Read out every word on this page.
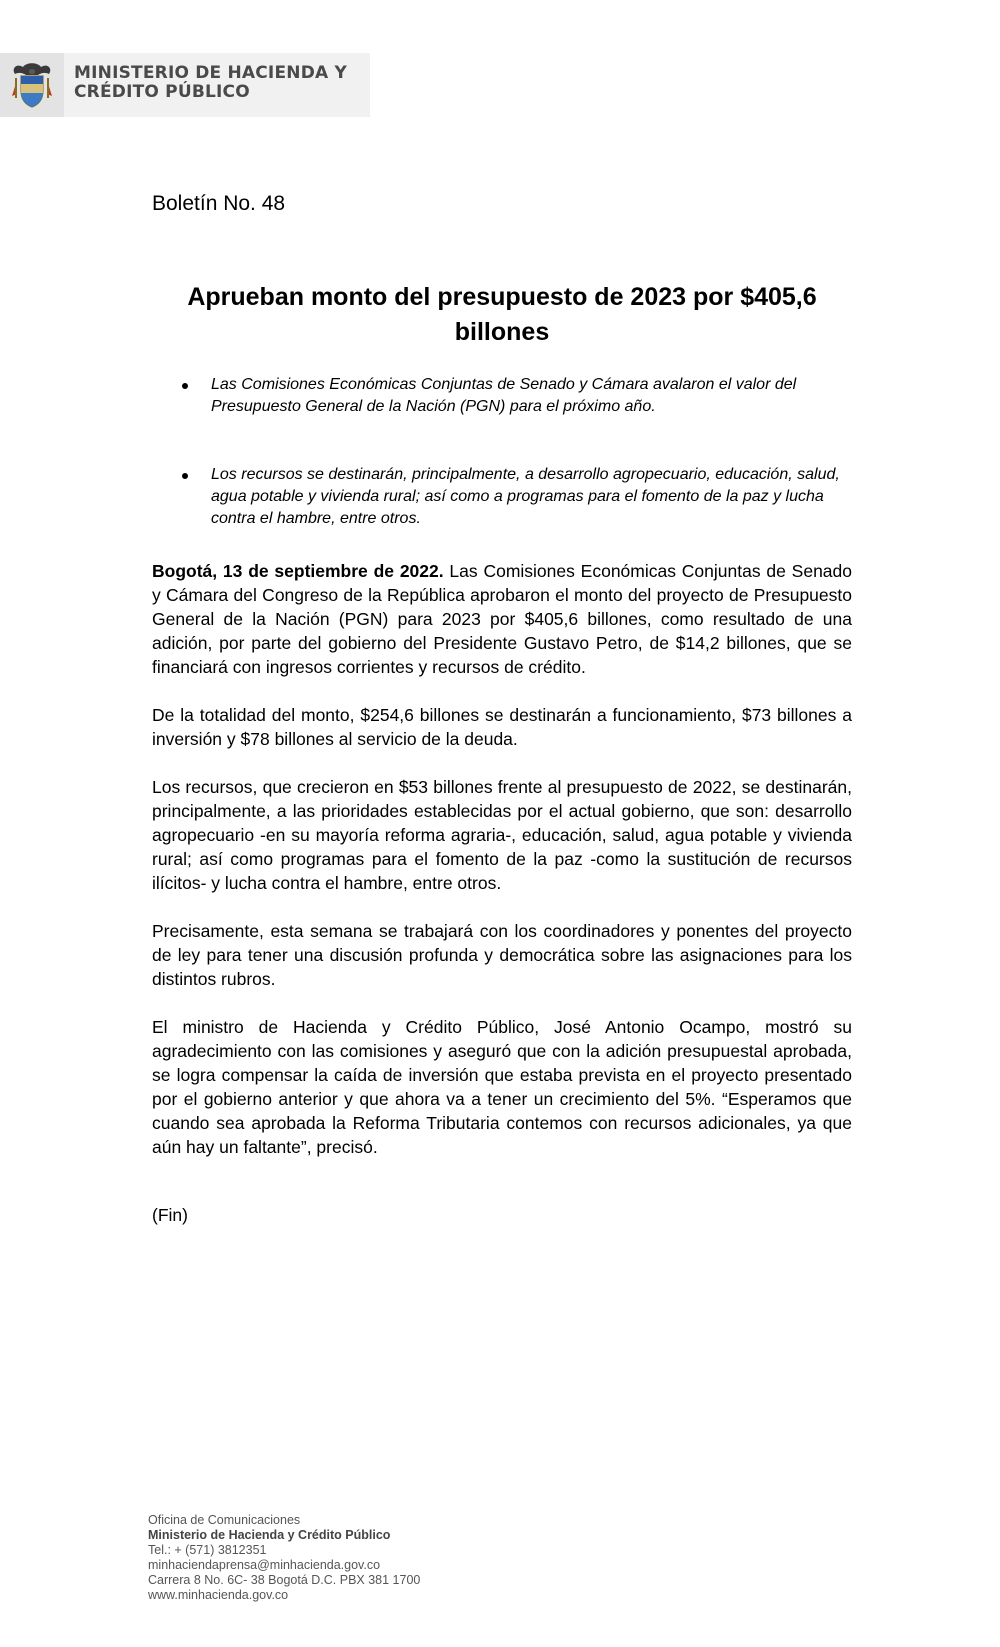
MINISTERIO DE HACIENDA Y
CRÉDITO PÚBLICO
Boletín No. 48
Aprueban monto del presupuesto de 2023 por $405,6 billones
Las Comisiones Económicas Conjuntas de Senado y Cámara avalaron el valor del Presupuesto General de la Nación (PGN) para el próximo año.
Los recursos se destinarán, principalmente, a desarrollo agropecuario, educación, salud, agua potable y vivienda rural; así como a programas para el fomento de la paz y lucha contra el hambre, entre otros.

Bogotá, 13 de septiembre de 2022. Las Comisiones Económicas Conjuntas de Senado y Cámara del Congreso de la República aprobaron el monto del proyecto de Presupuesto General de la Nación (PGN) para 2023 por $405,6 billones, como resultado de una adición, por parte del gobierno del Presidente Gustavo Petro, de $14,2 billones, que se financiará con ingresos corrientes y recursos de crédito.

De la totalidad del monto, $254,6 billones se destinarán a funcionamiento, $73 billones a inversión y $78 billones al servicio de la deuda.

Los recursos, que crecieron en $53 billones frente al presupuesto de 2022, se destinarán, principalmente, a las prioridades establecidas por el actual gobierno, que son: desarrollo agropecuario -en su mayoría reforma agraria-, educación, salud, agua potable y vivienda rural; así como programas para el fomento de la paz -como la sustitución de recursos ilícitos- y lucha contra el hambre, entre otros.

Precisamente, esta semana se trabajará con los coordinadores y ponentes del proyecto de ley para tener una discusión profunda y democrática sobre las asignaciones para los distintos rubros.

El ministro de Hacienda y Crédito Público, José Antonio Ocampo, mostró su agradecimiento con las comisiones y aseguró que con la adición presupuestal aprobada, se logra compensar la caída de inversión que estaba prevista en el proyecto presentado por el gobierno anterior y que ahora va a tener un crecimiento del 5%. “Esperamos que cuando sea aprobada la Reforma Tributaria contemos con recursos adicionales, ya que aún hay un faltante”, precisó.

(Fin)
Oficina de Comunicaciones
Ministerio de Hacienda y Crédito Público
Tel.: + (571) 3812351
minhaciendaprensa@minhacienda.gov.co
Carrera 8 No. 6C- 38 Bogotá D.C. PBX 381 1700
www.minhacienda.gov.co
